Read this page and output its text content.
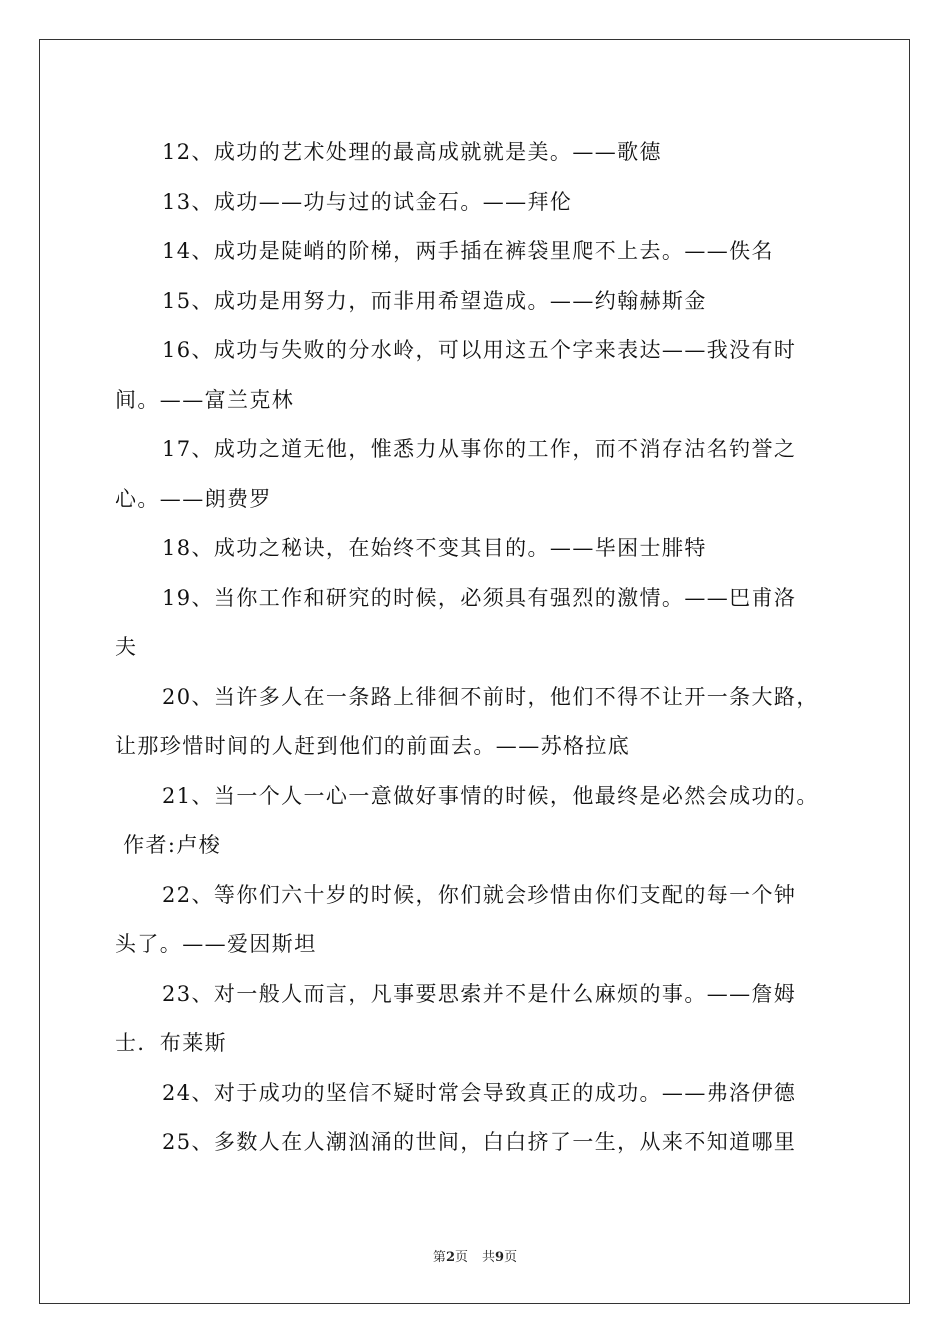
12、成功的艺术处理的最高成就就是美。——歌德
13、成功——功与过的试金石。——拜伦
14、成功是陡峭的阶梯，两手插在裤袋里爬不上去。——佚名
15、成功是用努力，而非用希望造成。——约翰赫斯金
16、成功与失败的分水岭，可以用这五个字来表达——我没有时
间。——富兰克林
17、成功之道无他，惟悉力从事你的工作，而不消存沽名钓誉之
心。——朗费罗
18、成功之秘诀，在始终不变其目的。——毕困士腓特
19、当你工作和研究的时候，必须具有强烈的激情。——巴甫洛
夫
20、当许多人在一条路上徘徊不前时，他们不得不让开一条大路，
让那珍惜时间的人赶到他们的前面去。——苏格拉底
21、当一个人一心一意做好事情的时候，他最终是必然会成功的。
作者:卢梭
22、等你们六十岁的时候，你们就会珍惜由你们支配的每一个钟
头了。——爱因斯坦
23、对一般人而言，凡事要思索并不是什么麻烦的事。——詹姆
士．布莱斯
24、对于成功的坚信不疑时常会导致真正的成功。——弗洛伊德
25、多数人在人潮汹涌的世间，白白挤了一生，从来不知道哪里
第2页 共9页
